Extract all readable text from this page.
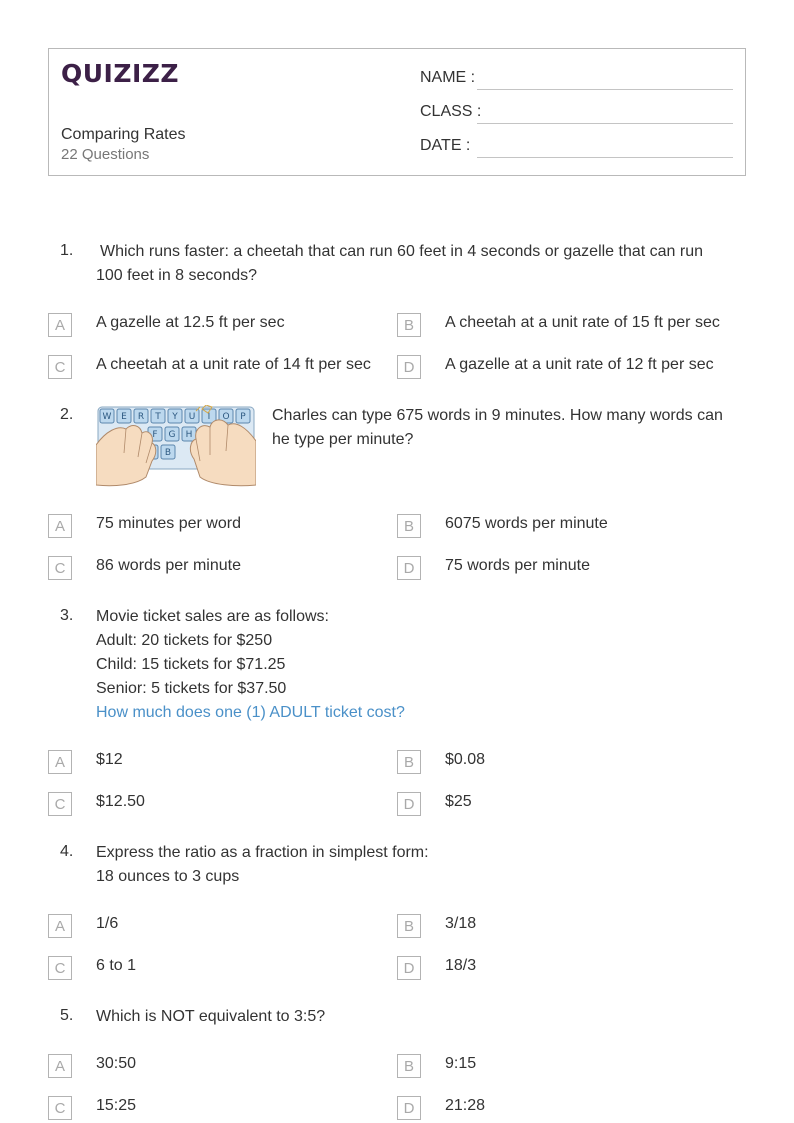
QUIZIZZ
Comparing Rates
22 Questions
NAME :
CLASS :
DATE :
1. Which runs faster: a cheetah that can run 60 feet in 4 seconds or gazelle that can run
100 feet in 8 seconds?
A	A gazelle at 12.5 ft per sec	B	A cheetah at a unit rate of 15 ft per sec
C	A cheetah at a unit rate of 14 ft per sec	D	A gazelle at a unit rate of 12 ft per sec
2.	W E R T Y U I O P
F G H
B
Charles can type 675 words in 9 minutes. How many words can
he type per minute?
A	75 minutes per word	B	6075 words per minute
C	86 words per minute	D	75 words per minute
3. Movie ticket sales are as follows:
Adult: 20 tickets for $250
Child: 15 tickets for $71.25
Senior: 5 tickets for $37.50
How much does one (1) ADULT ticket cost?
A	$12	B	$0.08
C	$12.50	D	$25
4. Express the ratio as a fraction in simplest form:
18 ounces to 3 cups
A	1/6	B	3/18
C	6 to 1	D	18/3
5. Which is NOT equivalent to 3:5?
A	30:50	B	9:15
C	15:25	D	21:28
